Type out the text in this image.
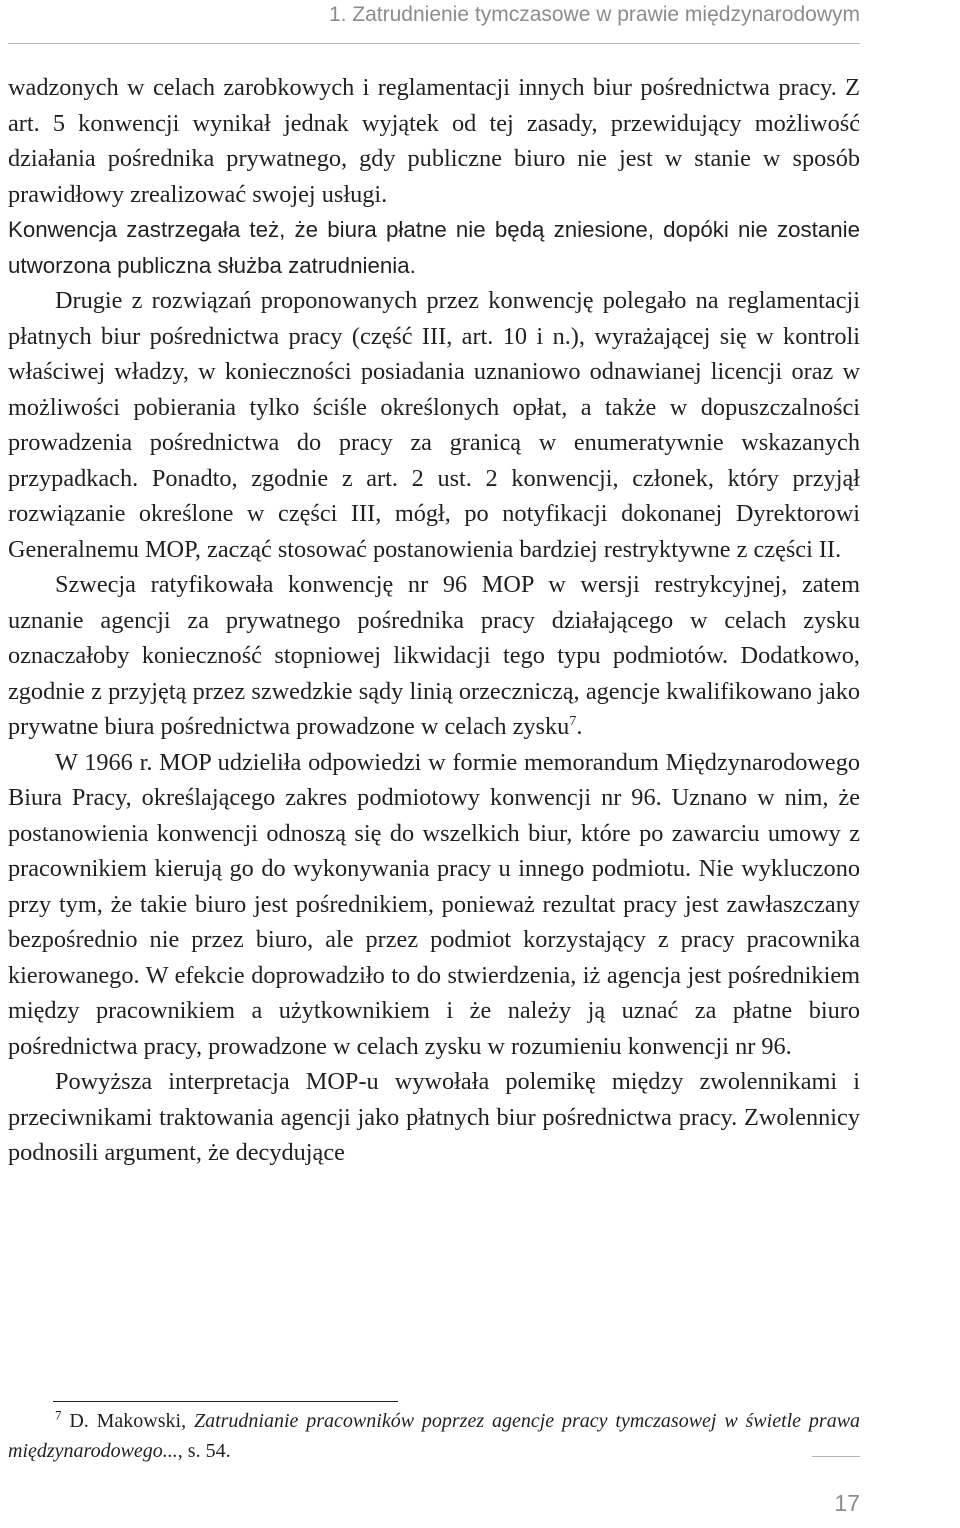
1. Zatrudnienie tymczasowe w prawie międzynarodowym

wadzonych w celach zarobkowych i reglamentacji innych biur pośrednictwa pracy. Z art. 5 konwencji wynikał jednak wyjątek od tej zasady, przewidujący możliwość działania pośrednika prywatnego, gdy publiczne biuro nie jest w stanie w sposób prawidłowy zrealizować swojej usługi.

Konwencja zastrzegała też, że biura płatne nie będą zniesione, dopóki nie zostanie utworzona publiczna służba zatrudnienia.

Drugie z rozwiązań proponowanych przez konwencję polegało na reglamentacji płatnych biur pośrednictwa pracy (część III, art. 10 i n.), wyrażającej się w kontroli właściwej władzy, w konieczności posiadania uznaniowo odnawianej licencji oraz w możliwości pobierania tylko ściśle określonych opłat, a także w dopuszczalności prowadzenia pośrednictwa do pracy za granicą w enumeratywnie wskazanych przypadkach. Ponadto, zgodnie z art. 2 ust. 2 konwencji, członek, który przyjął rozwiązanie określone w części III, mógł, po notyfikacji dokonanej Dyrektorowi Generalnemu MOP, zacząć stosować postanowienia bardziej restryktywne z części II.

Szwecja ratyfikowała konwencję nr 96 MOP w wersji restrykcyjnej, zatem uznanie agencji za prywatnego pośrednika pracy działającego w celach zysku oznaczałoby konieczność stopniowej likwidacji tego typu podmiotów. Dodatkowo, zgodnie z przyjętą przez szwedzkie sądy linią orzeczniczą, agencje kwalifikowano jako prywatne biura pośrednictwa prowadzone w celach zysku$^7$.

W 1966 r. MOP udzieliła odpowiedzi w formie memorandum Międzynarodowego Biura Pracy, określającego zakres podmiotowy konwencji nr 96. Uznano w nim, że postanowienia konwencji odnoszą się do wszelkich biur, które po zawarciu umowy z pracownikiem kierują go do wykonywania pracy u innego podmiotu. Nie wykluczono przy tym, że takie biuro jest pośrednikiem, ponieważ rezultat pracy jest zawłaszczany bezpośrednio nie przez biuro, ale przez podmiot korzystający z pracy pracownika kierowanego. W efekcie doprowadziło to do stwierdzenia, iż agencja jest pośrednikiem między pracownikiem a użytkownikiem i że należy ją uznać za płatne biuro pośrednictwa pracy, prowadzone w celach zysku w rozumieniu konwencji nr 96.

Powyższa interpretacja MOP-u wywołała polemikę między zwolennikami i przeciwnikami traktowania agencji jako płatnych biur pośrednictwa pracy. Zwolennicy podnosili argument, że decydujące

$^7$ D. Makowski, Zatrudnianie pracowników poprzez agencje pracy tymczasowej w świetle prawa międzynarodowego..., s. 54.

17
